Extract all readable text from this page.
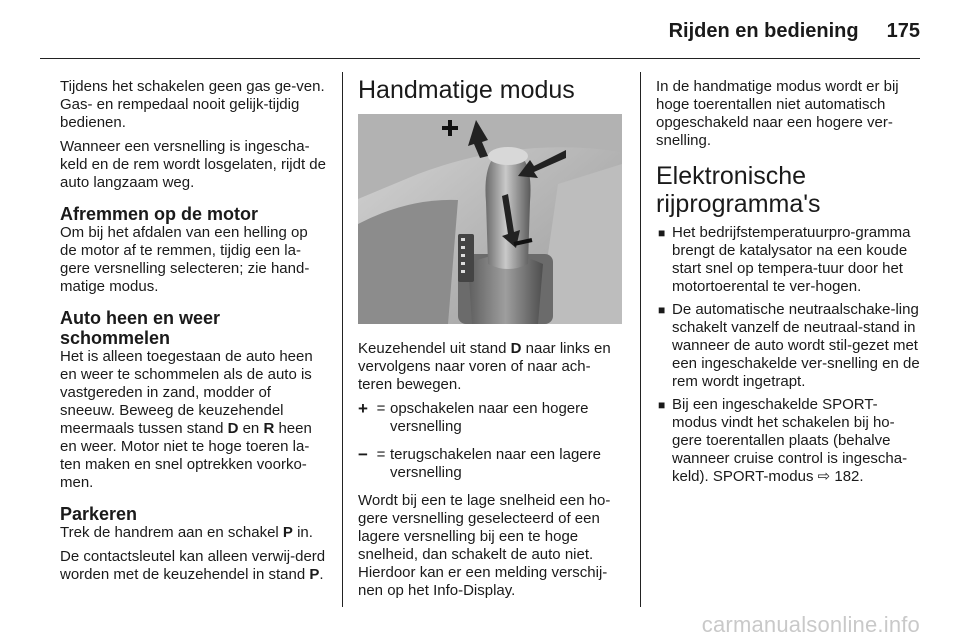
Rijden en bediening 175

Tijdens het schakelen geen gas ge-ven. Gas- en rempedaal nooit gelijk-tijdig bedienen.

Wanneer een versnelling is ingescha-keld en de rem wordt losgelaten, rijdt de auto langzaam weg.

Afremmen op de motor

Om bij het afdalen van een helling op de motor af te remmen, tijdig een la-gere versnelling selecteren; zie hand-matige modus.

Auto heen en weer schommelen

Het is alleen toegestaan de auto heen en weer te schommelen als de auto is vastgereden in zand, modder of sneeuw. Beweeg de keuzehendel meermaals tussen stand D en R heen en weer. Motor niet te hoge toeren la-ten maken en snel optrekken voorko-men.

Parkeren

Trek de handrem aan en schakel P in.

De contactsleutel kan alleen verwij-derd worden met de keuzehendel in stand P.

Handmatige modus

Keuzehendel uit stand D naar links en vervolgens naar voren of naar ach-teren bewegen.

+ = opschakelen naar een hogere versnelling
− = terugschakelen naar een lagere versnelling

Wordt bij een te lage snelheid een ho-gere versnelling geselecteerd of een lagere versnelling bij een te hoge snelheid, dan schakelt de auto niet. Hierdoor kan er een melding verschij-nen op het Info-Display.

In de handmatige modus wordt er bij hoge toerentallen niet automatisch opgeschakeld naar een hogere ver-snelling.

Elektronische
rijprogramma's
■ Het bedrijfstemperatuurpro-gramma brengt de katalysator na een koude start snel op tempera-tuur door het motortoerental te ver-hogen.
■ De automatische neutraalschake-ling schakelt vanzelf de neutraal-stand in wanneer de auto wordt stil-gezet met een ingeschakelde ver-snelling en de rem wordt ingetrapt.
■ Bij een ingeschakelde SPORT-modus vindt het schakelen bij ho-gere toerentallen plaats (behalve wanneer cruise control is ingescha-keld). SPORT-modus ⇨ 182.
carmanualsonline.info
